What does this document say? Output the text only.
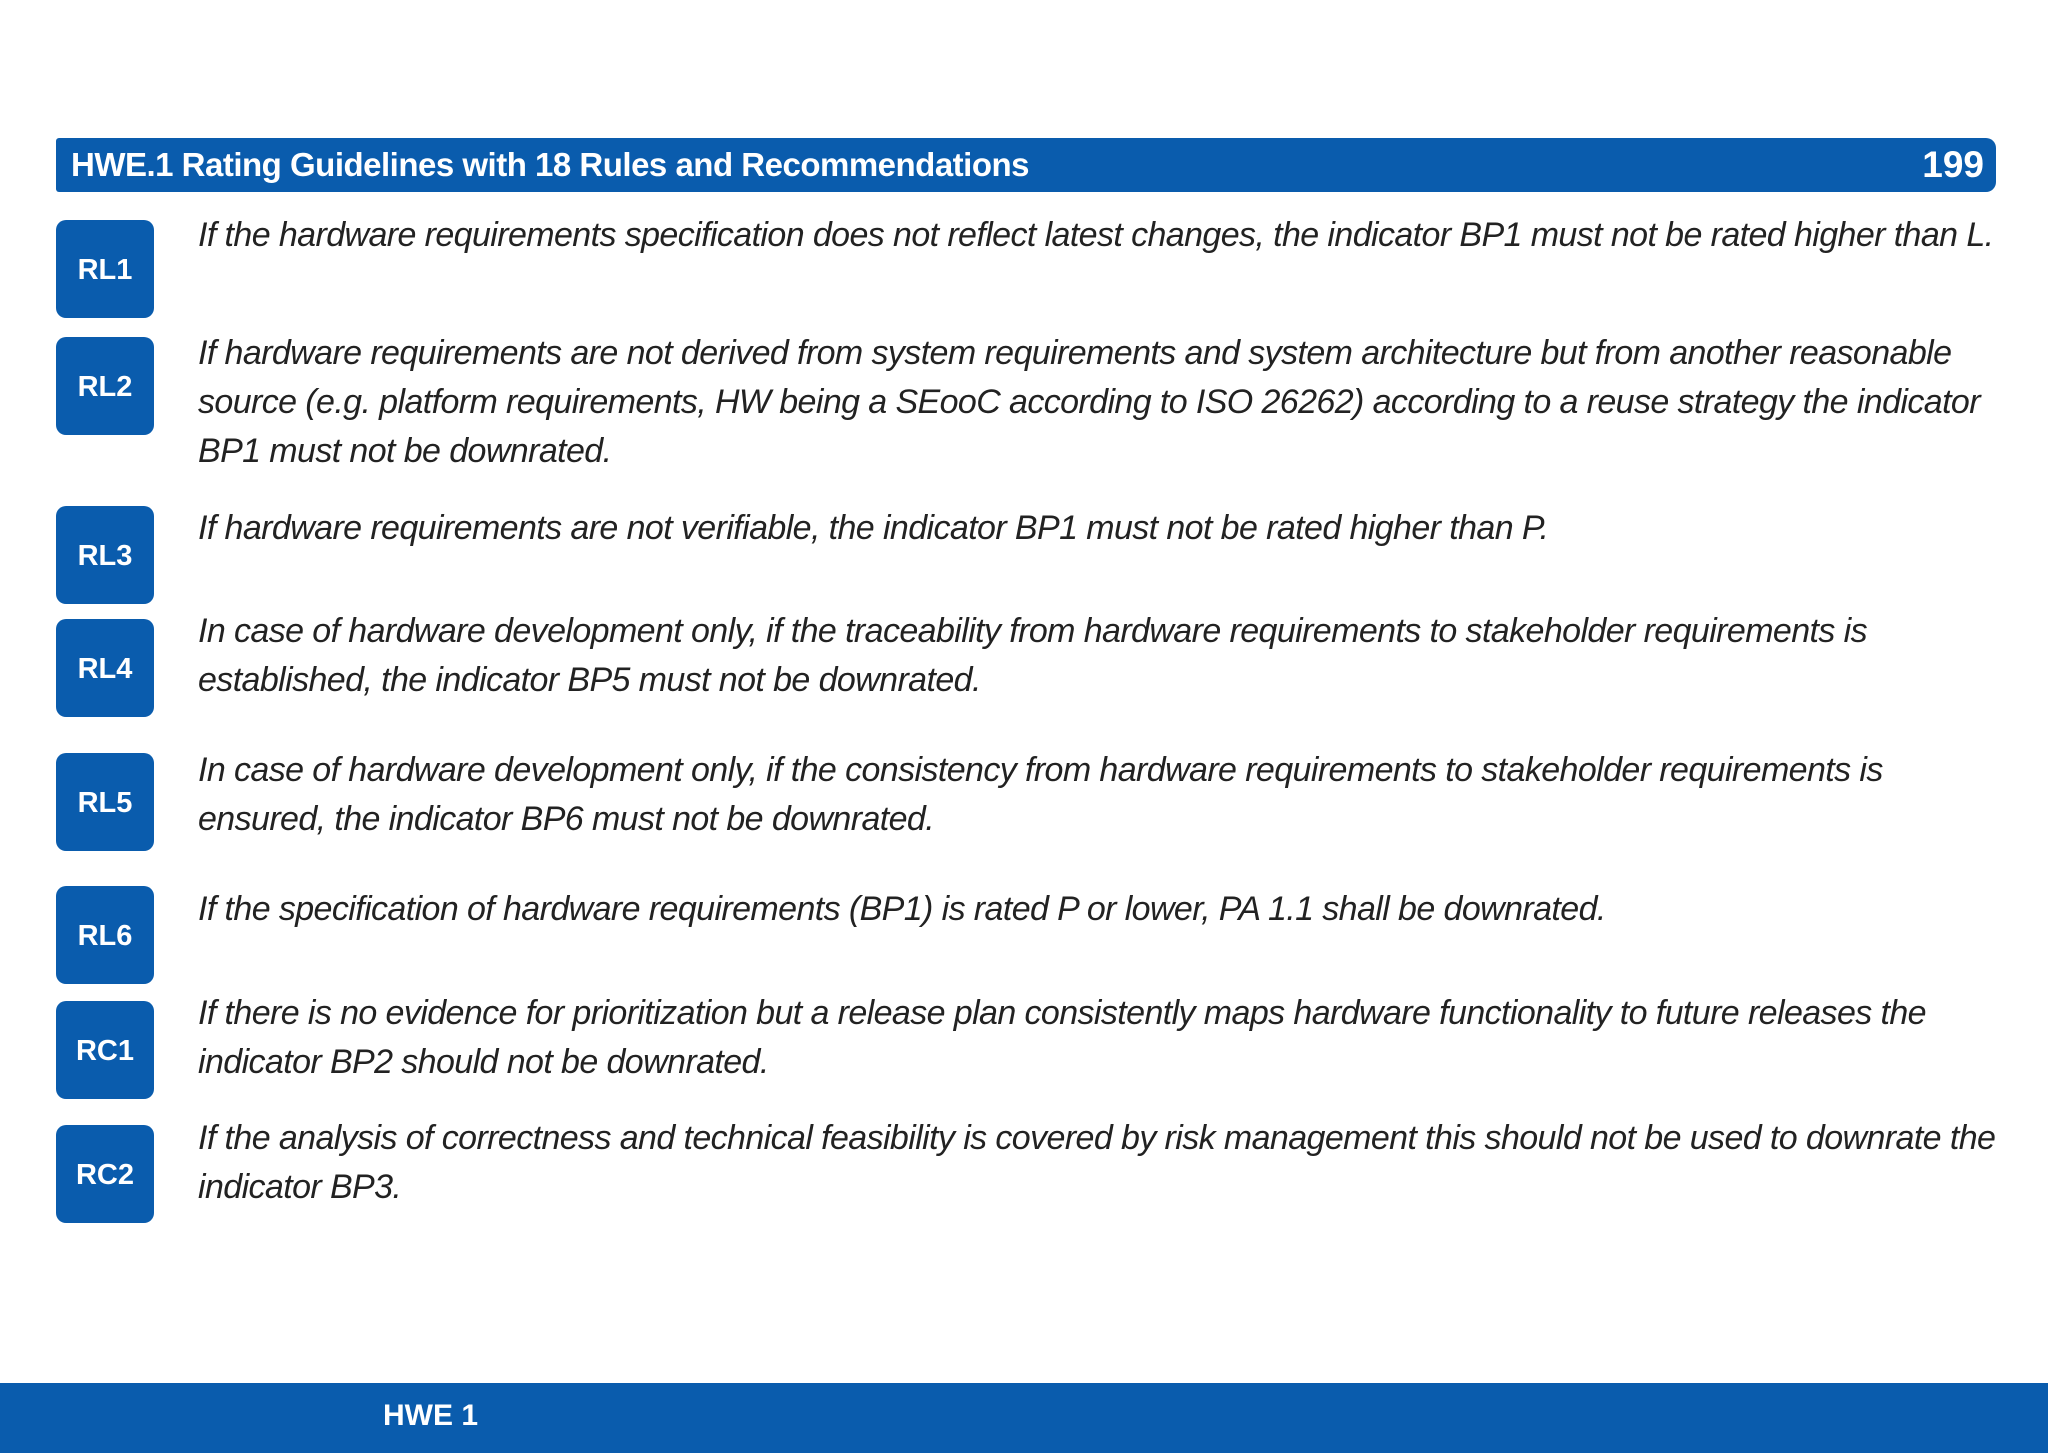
HWE.1 Rating Guidelines with 18 Rules and Recommendations	199
RL1

If the hardware requirements specification does not reflect latest changes, the indicator BP1 must not be rated higher than L.

RL2

If hardware requirements are not derived from system requirements and system architecture but from another reasonable source (e.g. platform requirements, HW being a SEooC according to ISO 26262) according to a reuse strategy the indicator BP1 must not be downrated.

RL3

If hardware requirements are not verifiable, the indicator BP1 must not be rated higher than P.

RL4

In case of hardware development only, if the traceability from hardware requirements to stakeholder requirements is established, the indicator BP5 must not be downrated.

RL5

In case of hardware development only, if the consistency from hardware requirements to stakeholder requirements is ensured, the indicator BP6 must not be downrated.

RL6

If the specification of hardware requirements (BP1) is rated P or lower, PA 1.1 shall be downrated.

RC1

If there is no evidence for prioritization but a release plan consistently maps hardware functionality to future releases the indicator BP2 should not be downrated.

RC2

If the analysis of correctness and technical feasibility is covered by risk management this should not be used to downrate the indicator BP3.

HWE 1
